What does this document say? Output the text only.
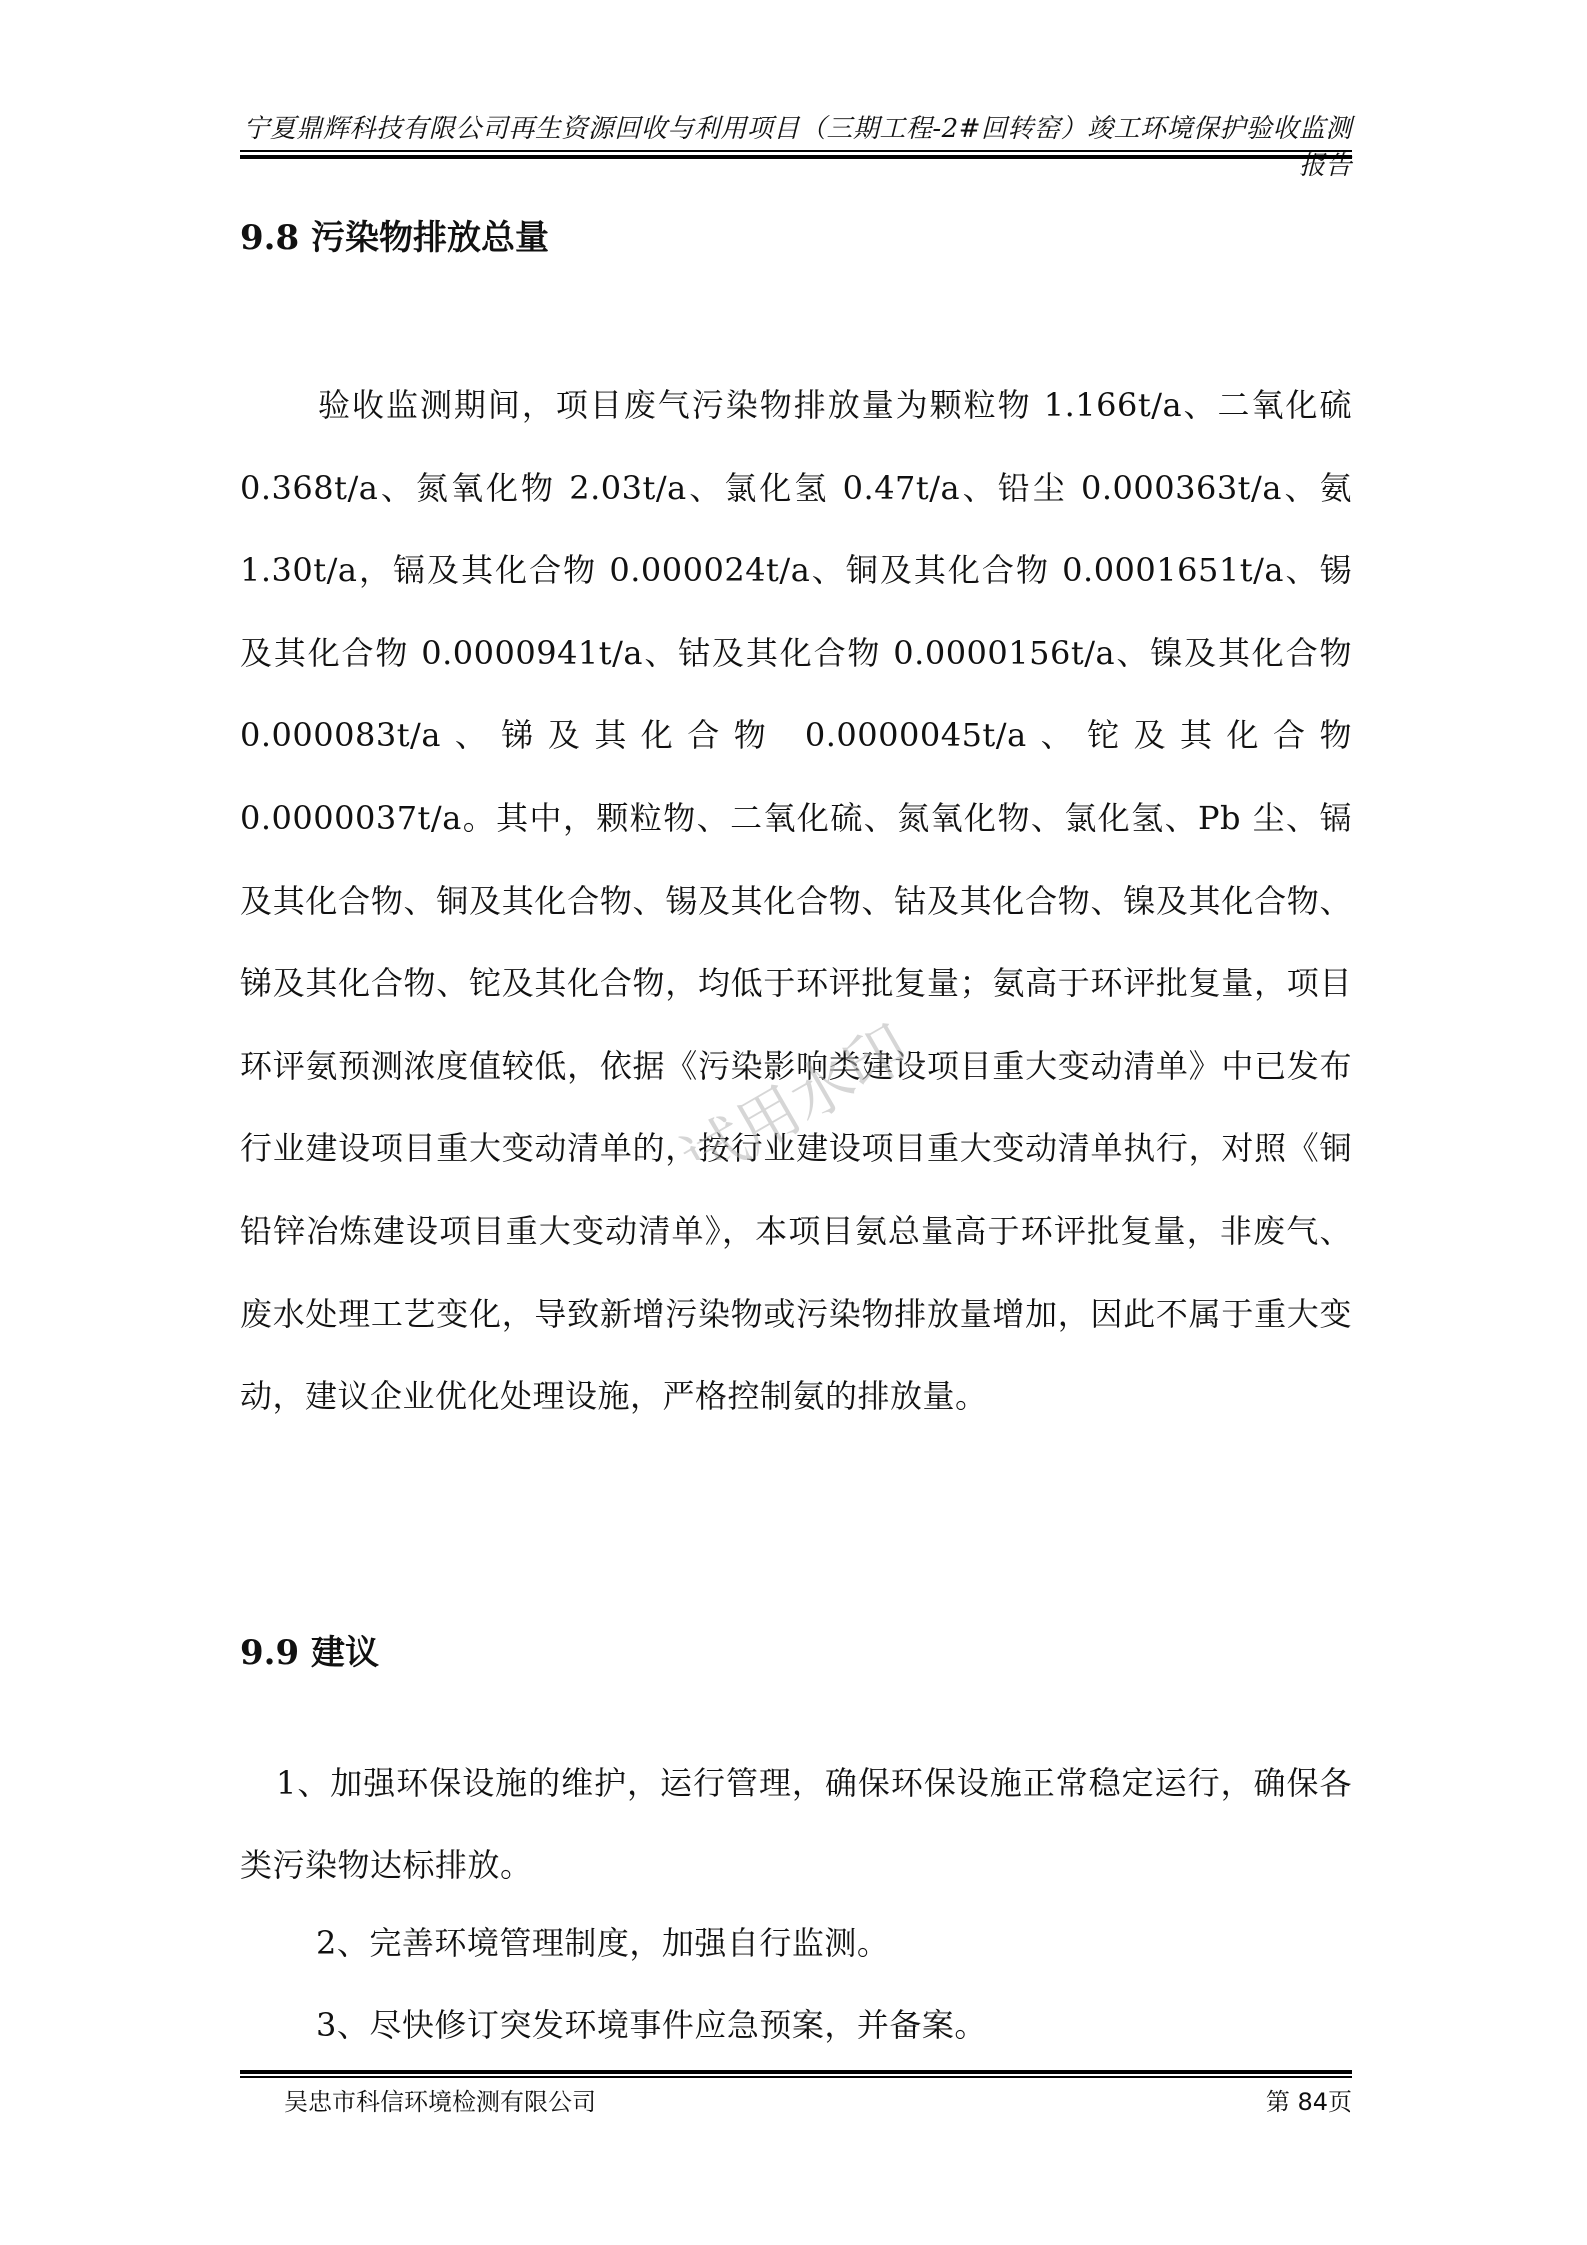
宁夏鼎辉科技有限公司再生资源回收与利用项目（三期工程-2#回转窑）竣工环境保护验收监测报告
9.8 污染物排放总量

验收监测期间，项目废气污染物排放量为颗粒物 1.166t/a、二氧化硫 0.368t/a、氮氧化物 2.03t/a、氯化氢 0.47t/a、铅尘 0.000363t/a、氨 1.30t/a，镉及其化合物 0.000024t/a、铜及其化合物 0.0001651t/a、锡及其化合物 0.0000941t/a、钴及其化合物 0.0000156t/a、镍及其化合物 0.000083t/a、锑及其化合物 0.0000045t/a、铊及其化合物 0.0000037t/a。其中，颗粒物、二氧化硫、氮氧化物、氯化氢、Pb 尘、镉及其化合物、铜及其化合物、锡及其化合物、钴及其化合物、镍及其化合物、锑及其化合物、铊及其化合物，均低于环评批复量；氨高于环评批复量，项目环评氨预测浓度值较低，依据《污染影响类建设项目重大变动清单》中已发布行业建设项目重大变动清单的，按行业建设项目重大变动清单执行，对照《铜铅锌冶炼建设项目重大变动清单》，本项目氨总量高于环评批复量，非废气、废水处理工艺变化，导致新增污染物或污染物排放量增加，因此不属于重大变动，建议企业优化处理设施，严格控制氨的排放量。

9.9 建议

1、加强环保设施的维护，运行管理，确保环保设施正常稳定运行，确保各类污染物达标排放。

2、完善环境管理制度，加强自行监测。

3、尽快修订突发环境事件应急预案，并备案。

试用水印
吴忠市科信环境检测有限公司	第 84页
